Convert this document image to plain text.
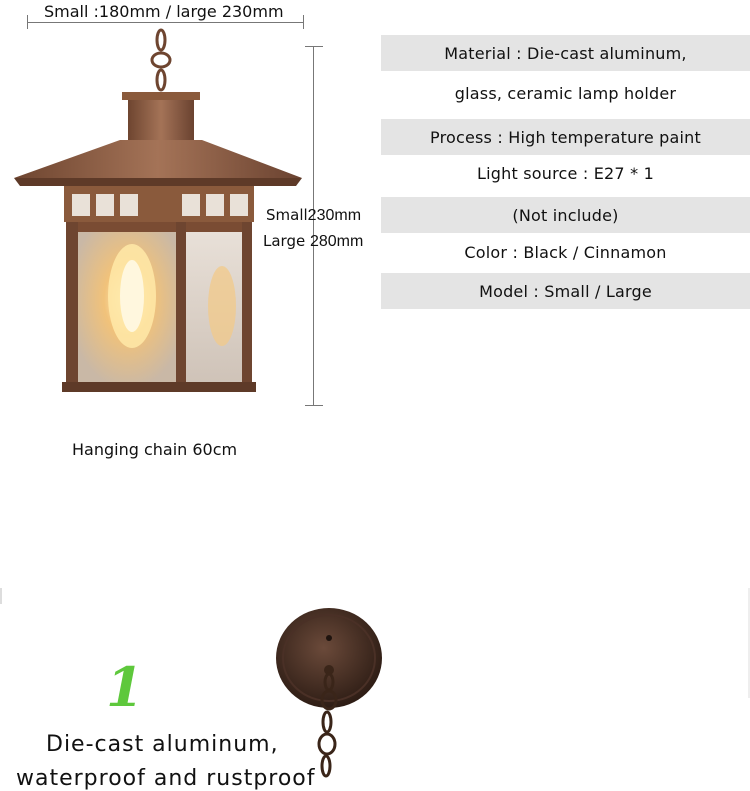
Small :180mm / large 230mm
Small230mm
Large 280mm
Material : Die-cast aluminum,
glass, ceramic lamp holder
Process : High temperature paint
Light source : E27 * 1
(Not include)
Color : Black / Cinnamon
Model : Small / Large
Hanging chain 60cm
1
Die-cast aluminum,
waterproof and rustproof
